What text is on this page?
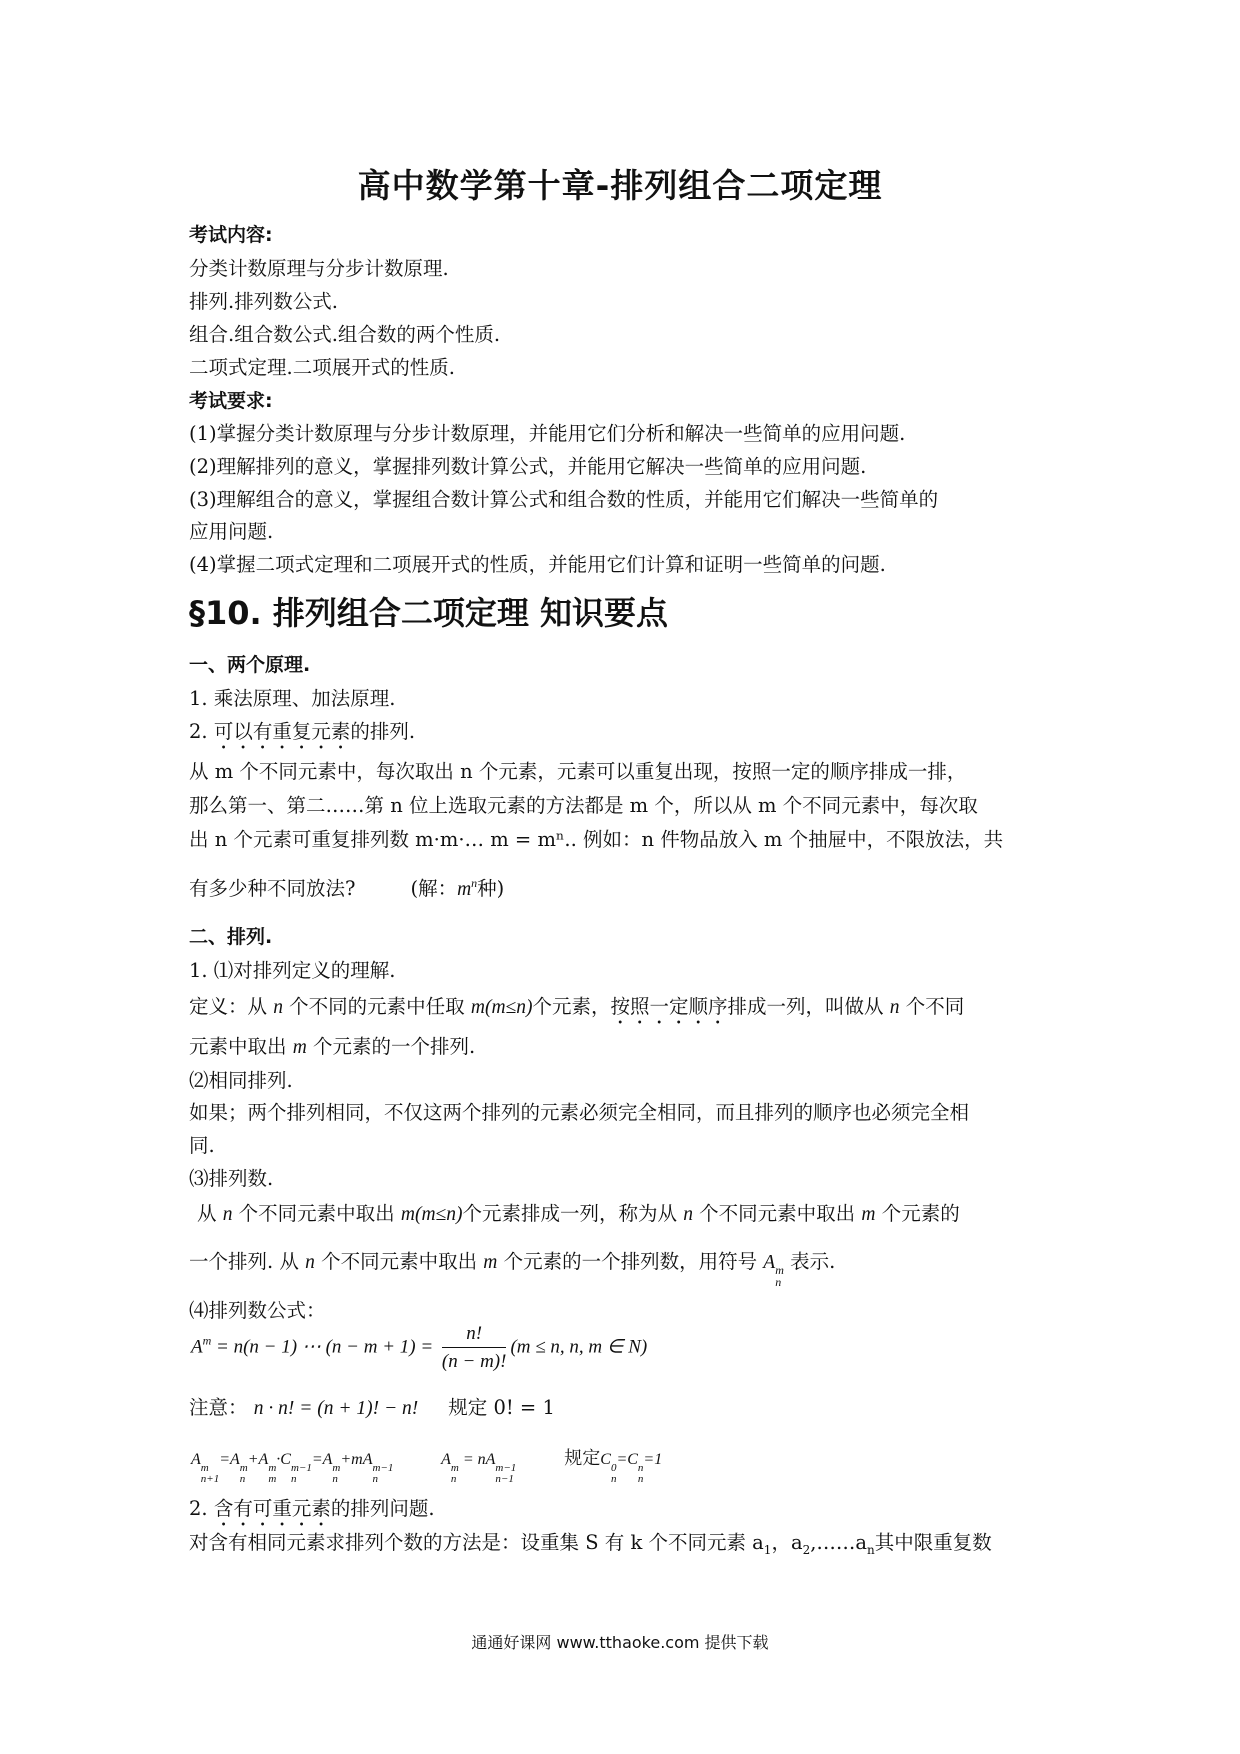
高中数学第十章-排列组合二项定理
考试内容:
分类计数原理与分步计数原理.
排列.排列数公式.
组合.组合数公式.组合数的两个性质.
二项式定理.二项展开式的性质.
考试要求:
(1)掌握分类计数原理与分步计数原理，并能用它们分析和解决一些简单的应用问题.
(2)理解排列的意义，掌握排列数计算公式，并能用它解决一些简单的应用问题.
(3)理解组合的意义，掌握组合数计算公式和组合数的性质，并能用它们解决一些简单的
应用问题.
(4)掌握二项式定理和二项展开式的性质，并能用它们计算和证明一些简单的问题.
§10. 排列组合二项定理 知识要点
一、两个原理.
1. 乘法原理、加法原理.
2. 可以有重复元素的排列.
从 m 个不同元素中，每次取出 n 个元素，元素可以重复出现，按照一定的顺序排成一排，
那么第一、第二……第 n 位上选取元素的方法都是 m 个，所以从 m 个不同元素中，每次取
出 n 个元素可重复排列数 m·m·… m = mⁿ.. 例如：n 件物品放入 m 个抽屉中，不限放法，共
有多少种不同放法?	(解：$m^n$种)
二、排列.
1. ⑴对排列定义的理解.
定义：从 n 个不同的元素中任取 m(m≤n)个元素，按照一定顺序排成一列，叫做从 n 个不同
元素中取出 m 个元素的一个排列.
⑵相同排列.
如果；两个排列相同，不仅这两个排列的元素必须完全相同，而且排列的顺序也必须完全相
同.
⑶排列数.
从 n 个不同元素中取出 m(m≤n)个元素排成一列，称为从 n 个不同元素中取出 m 个元素的
一个排列. 从 n 个不同元素中取出 m 个元素的一个排列数，用符号 A m
n
表示.
⑷排列数公式：
$A^m = n(n - 1)$ ⋯ $(n - m + 1) = \frac{n!}{(n - m)!} (m \le n$, n, m ∈ N)
注意： n · n! = (n + 1)! − n! 规定 0! = 1
A m
n+1
=A m
n
+A m
m
·C m−1
n
=A m
n
+mA m−1
n
A m
n
= nA m−1
n−1
规定C 0
n
=C n
n
=1
2. 含有可重元素的排列问题.
对含有相同元素求排列个数的方法是：设重集 S 有 k 个不同元素 $a_1$，$a_2,\dots\dots a_n$其中限重复数
通通好课网 www.tthaoke.com 提供下载
